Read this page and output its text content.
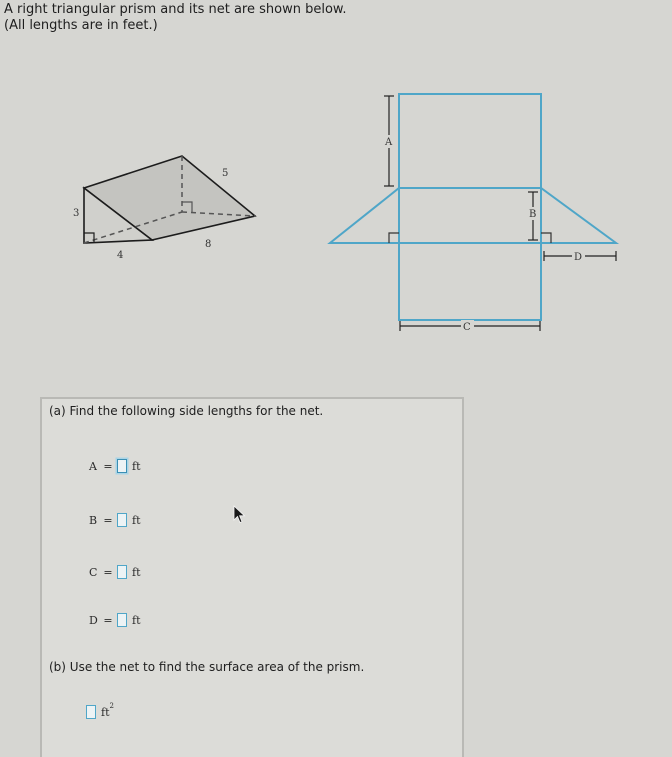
A right triangular prism and its net are shown below.
(All lengths are in feet.)
5
3
8
4
A
B
C
D
(a) Find the following side lengths for the net.
A = ft
B = ft
C = ft
D = ft
(b) Use the net to find the surface area of the prism.
$ft^2$
